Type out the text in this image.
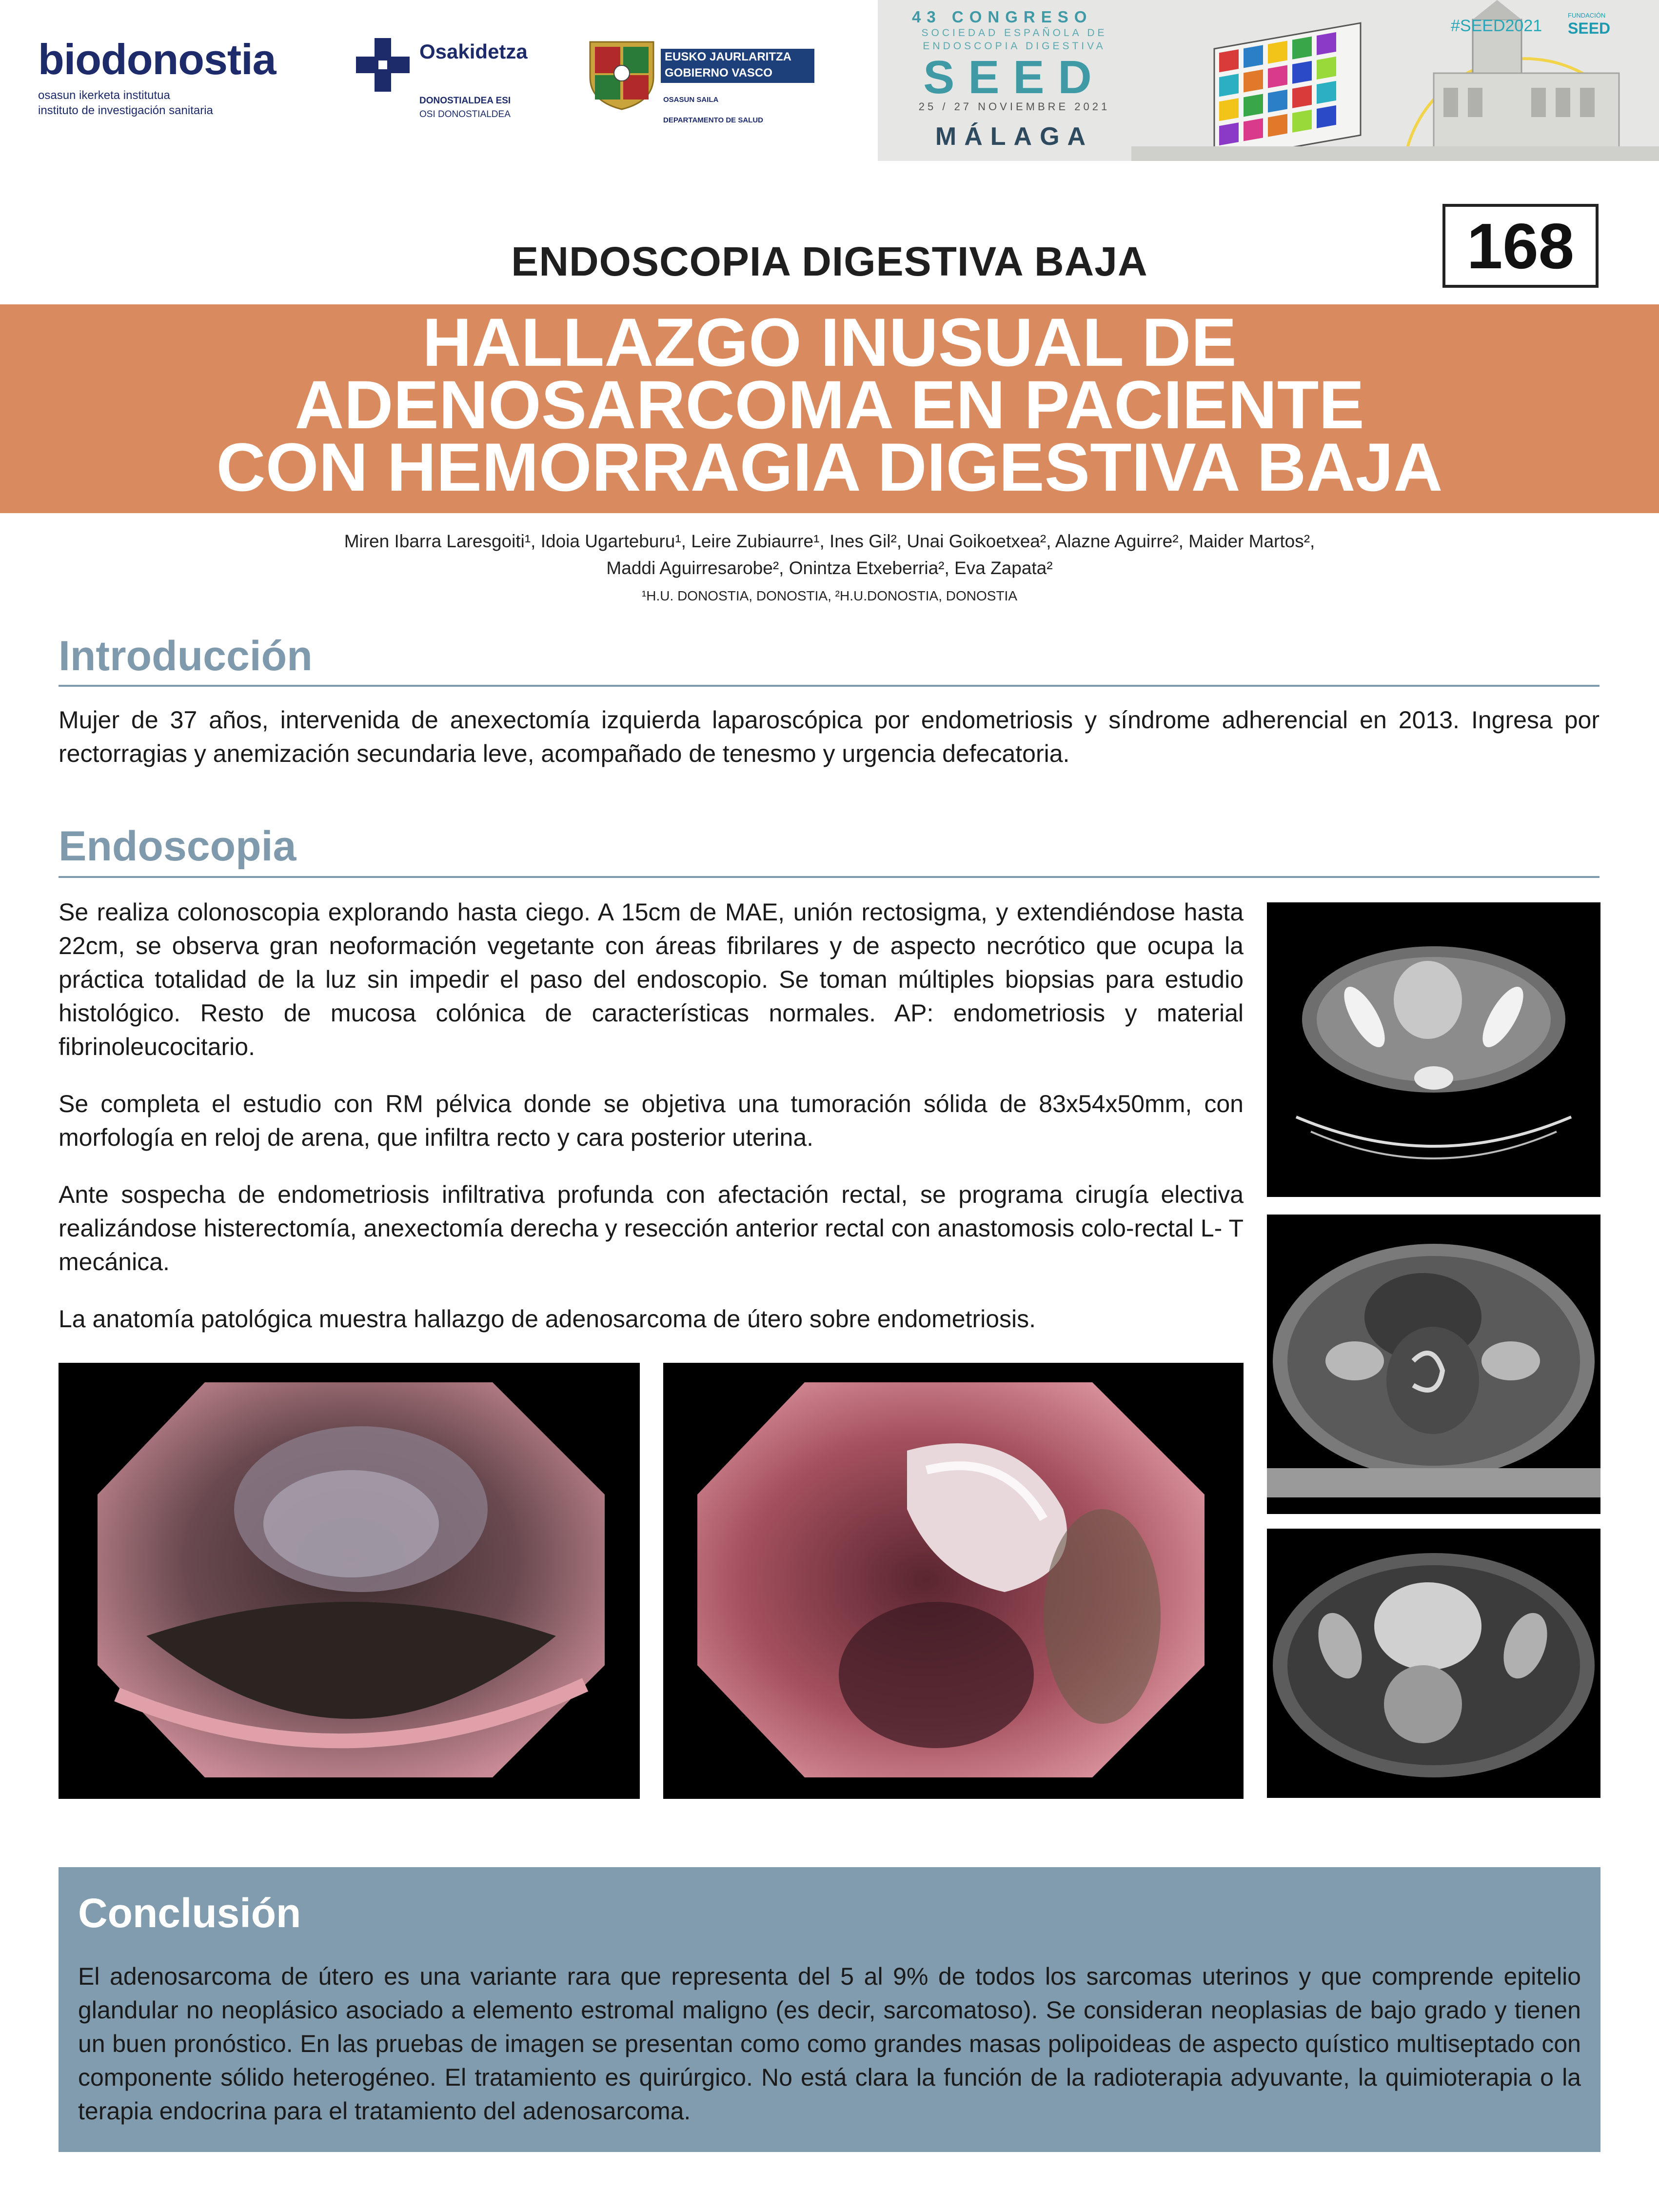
biodonostia
osasun ikerketa institutua
instituto de investigación sanitaria
Osakidetza
DONOSTIALDEA ESI
OSI DONOSTIALDEA
EUSKO JAURLARITZA
GOBIERNO VASCO
OSASUN SAILA
DEPARTAMENTO DE SALUD
43 CONGRESO
SOCIEDAD ESPAÑOLA DE ENDOSCOPIA DIGESTIVA
SEED
25 / 27 NOVIEMBRE 2021
MÁLAGA
#SEED2021
FUNDACIÓN
SEED
ENDOSCOPIA DIGESTIVA BAJA	168
HALLAZGO INUSUAL DE
ADENOSARCOMA EN PACIENTE
CON HEMORRAGIA DIGESTIVA BAJA
Miren Ibarra Laresgoiti¹, Idoia Ugarteburu¹, Leire Zubiaurre¹, Ines Gil², Unai Goikoetxea², Alazne Aguirre², Maider Martos²,
Maddi Aguirresarobe², Onintza Etxeberria², Eva Zapata²
¹H.U. DONOSTIA, DONOSTIA, ²H.U.DONOSTIA, DONOSTIA
Introducción
Mujer de 37 años, intervenida de anexectomía izquierda laparoscópica por endometriosis y síndrome adherencial en 2013. Ingresa por rectorragias y anemización secundaria leve, acompañado de tenesmo y urgencia defecatoria.
Endoscopia

Se realiza colonoscopia explorando hasta ciego. A 15cm de MAE, unión rectosigma, y extendiéndose hasta 22cm, se observa gran neoformación vegetante con áreas fibrilares y de aspecto necrótico que ocupa la práctica totalidad de la luz sin impedir el paso del endoscopio. Se toman múltiples biopsias para estudio histológico. Resto de mucosa colónica de características normales. AP: endometriosis y material fibrinoleucocitario.

Se completa el estudio con RM pélvica donde se objetiva una tumoración sólida de 83x54x50mm, con morfología en reloj de arena, que infiltra recto y cara posterior uterina.

Ante sospecha de endometriosis infiltrativa profunda con afectación rectal, se programa cirugía electiva realizándose histerectomía, anexectomía derecha y resección anterior rectal con anastomosis colo-rectal L- T mecánica.

La anatomía patológica muestra hallazgo de adenosarcoma de útero sobre endometriosis.

Conclusión
El adenosarcoma de útero es una variante rara que representa del 5 al 9% de todos los sarcomas uterinos y que comprende epitelio glandular no neoplásico asociado a elemento estromal maligno (es decir, sarcomatoso). Se consideran neoplasias de bajo grado y tienen un buen pronóstico. En las pruebas de imagen se presentan como como grandes masas polipoideas de aspecto quístico multiseptado con componente sólido heterogéneo. El tratamiento es quirúrgico. No está clara la función de la radioterapia adyuvante, la quimioterapia o la terapia endocrina para el tratamiento del adenosarcoma.
